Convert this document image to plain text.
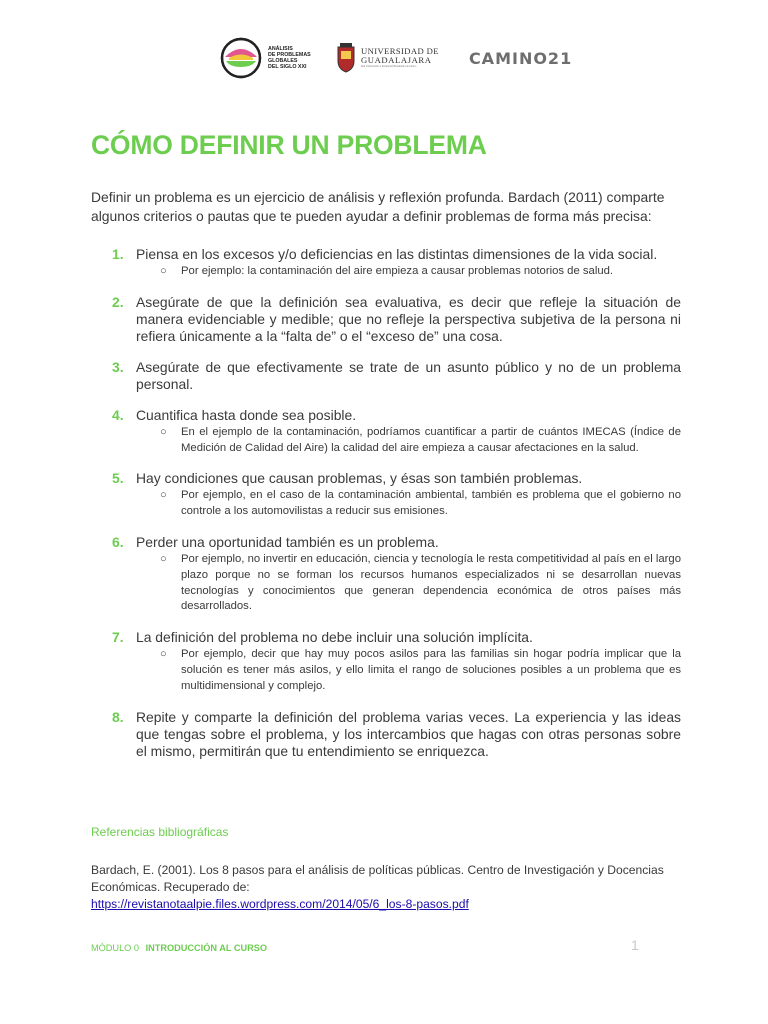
ANÁLISIS
DE PROBLEMAS
GLOBALES
DEL SIGLO XXI
UNIVERSIDAD DE
GUADALAJARA
Red Universitaria e Institución Benemérita de Jalisco	CAMINO21
CÓMO DEFINIR UN PROBLEMA

Definir un problema es un ejercicio de análisis y reflexión profunda. Bardach (2011) comparte algunos criterios o pautas que te pueden ayudar a definir problemas de forma más precisa:

1. Piensa en los excesos y/o deficiencias en las distintas dimensiones de la vida social.
○ Por ejemplo: la contaminación del aire empieza a causar problemas notorios de salud.
2. Asegúrate de que la definición sea evaluativa, es decir que refleje la situación de manera evidenciable y medible; que no refleje la perspectiva subjetiva de la persona ni refiera únicamente a la “falta de” o el “exceso de” una cosa.
3. Asegúrate de que efectivamente se trate de un asunto público y no de un problema personal.
4. Cuantifica hasta donde sea posible.
○ En el ejemplo de la contaminación, podríamos cuantificar a partir de cuántos IMECAS (Índice de Medición de Calidad del Aire) la calidad del aire empieza a causar afectaciones en la salud.
5. Hay condiciones que causan problemas, y ésas son también problemas.
○ Por ejemplo, en el caso de la contaminación ambiental, también es problema que el gobierno no controle a los automovilistas a reducir sus emisiones.
6. Perder una oportunidad también es un problema.
○ Por ejemplo, no invertir en educación, ciencia y tecnología le resta competitividad al país en el largo plazo porque no se forman los recursos humanos especializados ni se desarrollan nuevas tecnologías y conocimientos que generan dependencia económica de otros países más desarrollados.
7. La definición del problema no debe incluir una solución implícita.
○ Por ejemplo, decir que hay muy pocos asilos para las familias sin hogar podría implicar que la solución es tener más asilos, y ello limita el rango de soluciones posibles a un problema que es multidimensional y complejo.
8. Repite y comparte la definición del problema varias veces. La experiencia y las ideas que tengas sobre el problema, y los intercambios que hagas con otras personas sobre el mismo, permitirán que tu entendimiento se enriquezca.
Referencias bibliográficas
Bardach, E. (2001). Los 8 pasos para el análisis de políticas públicas. Centro de Investigación y Docencias Económicas. Recuperado de:
https://revistanotaalpie.files.wordpress.com/2014/05/6_los-8-pasos.pdf
MÓDULO 0 INTRODUCCIÓN AL CURSO	1
